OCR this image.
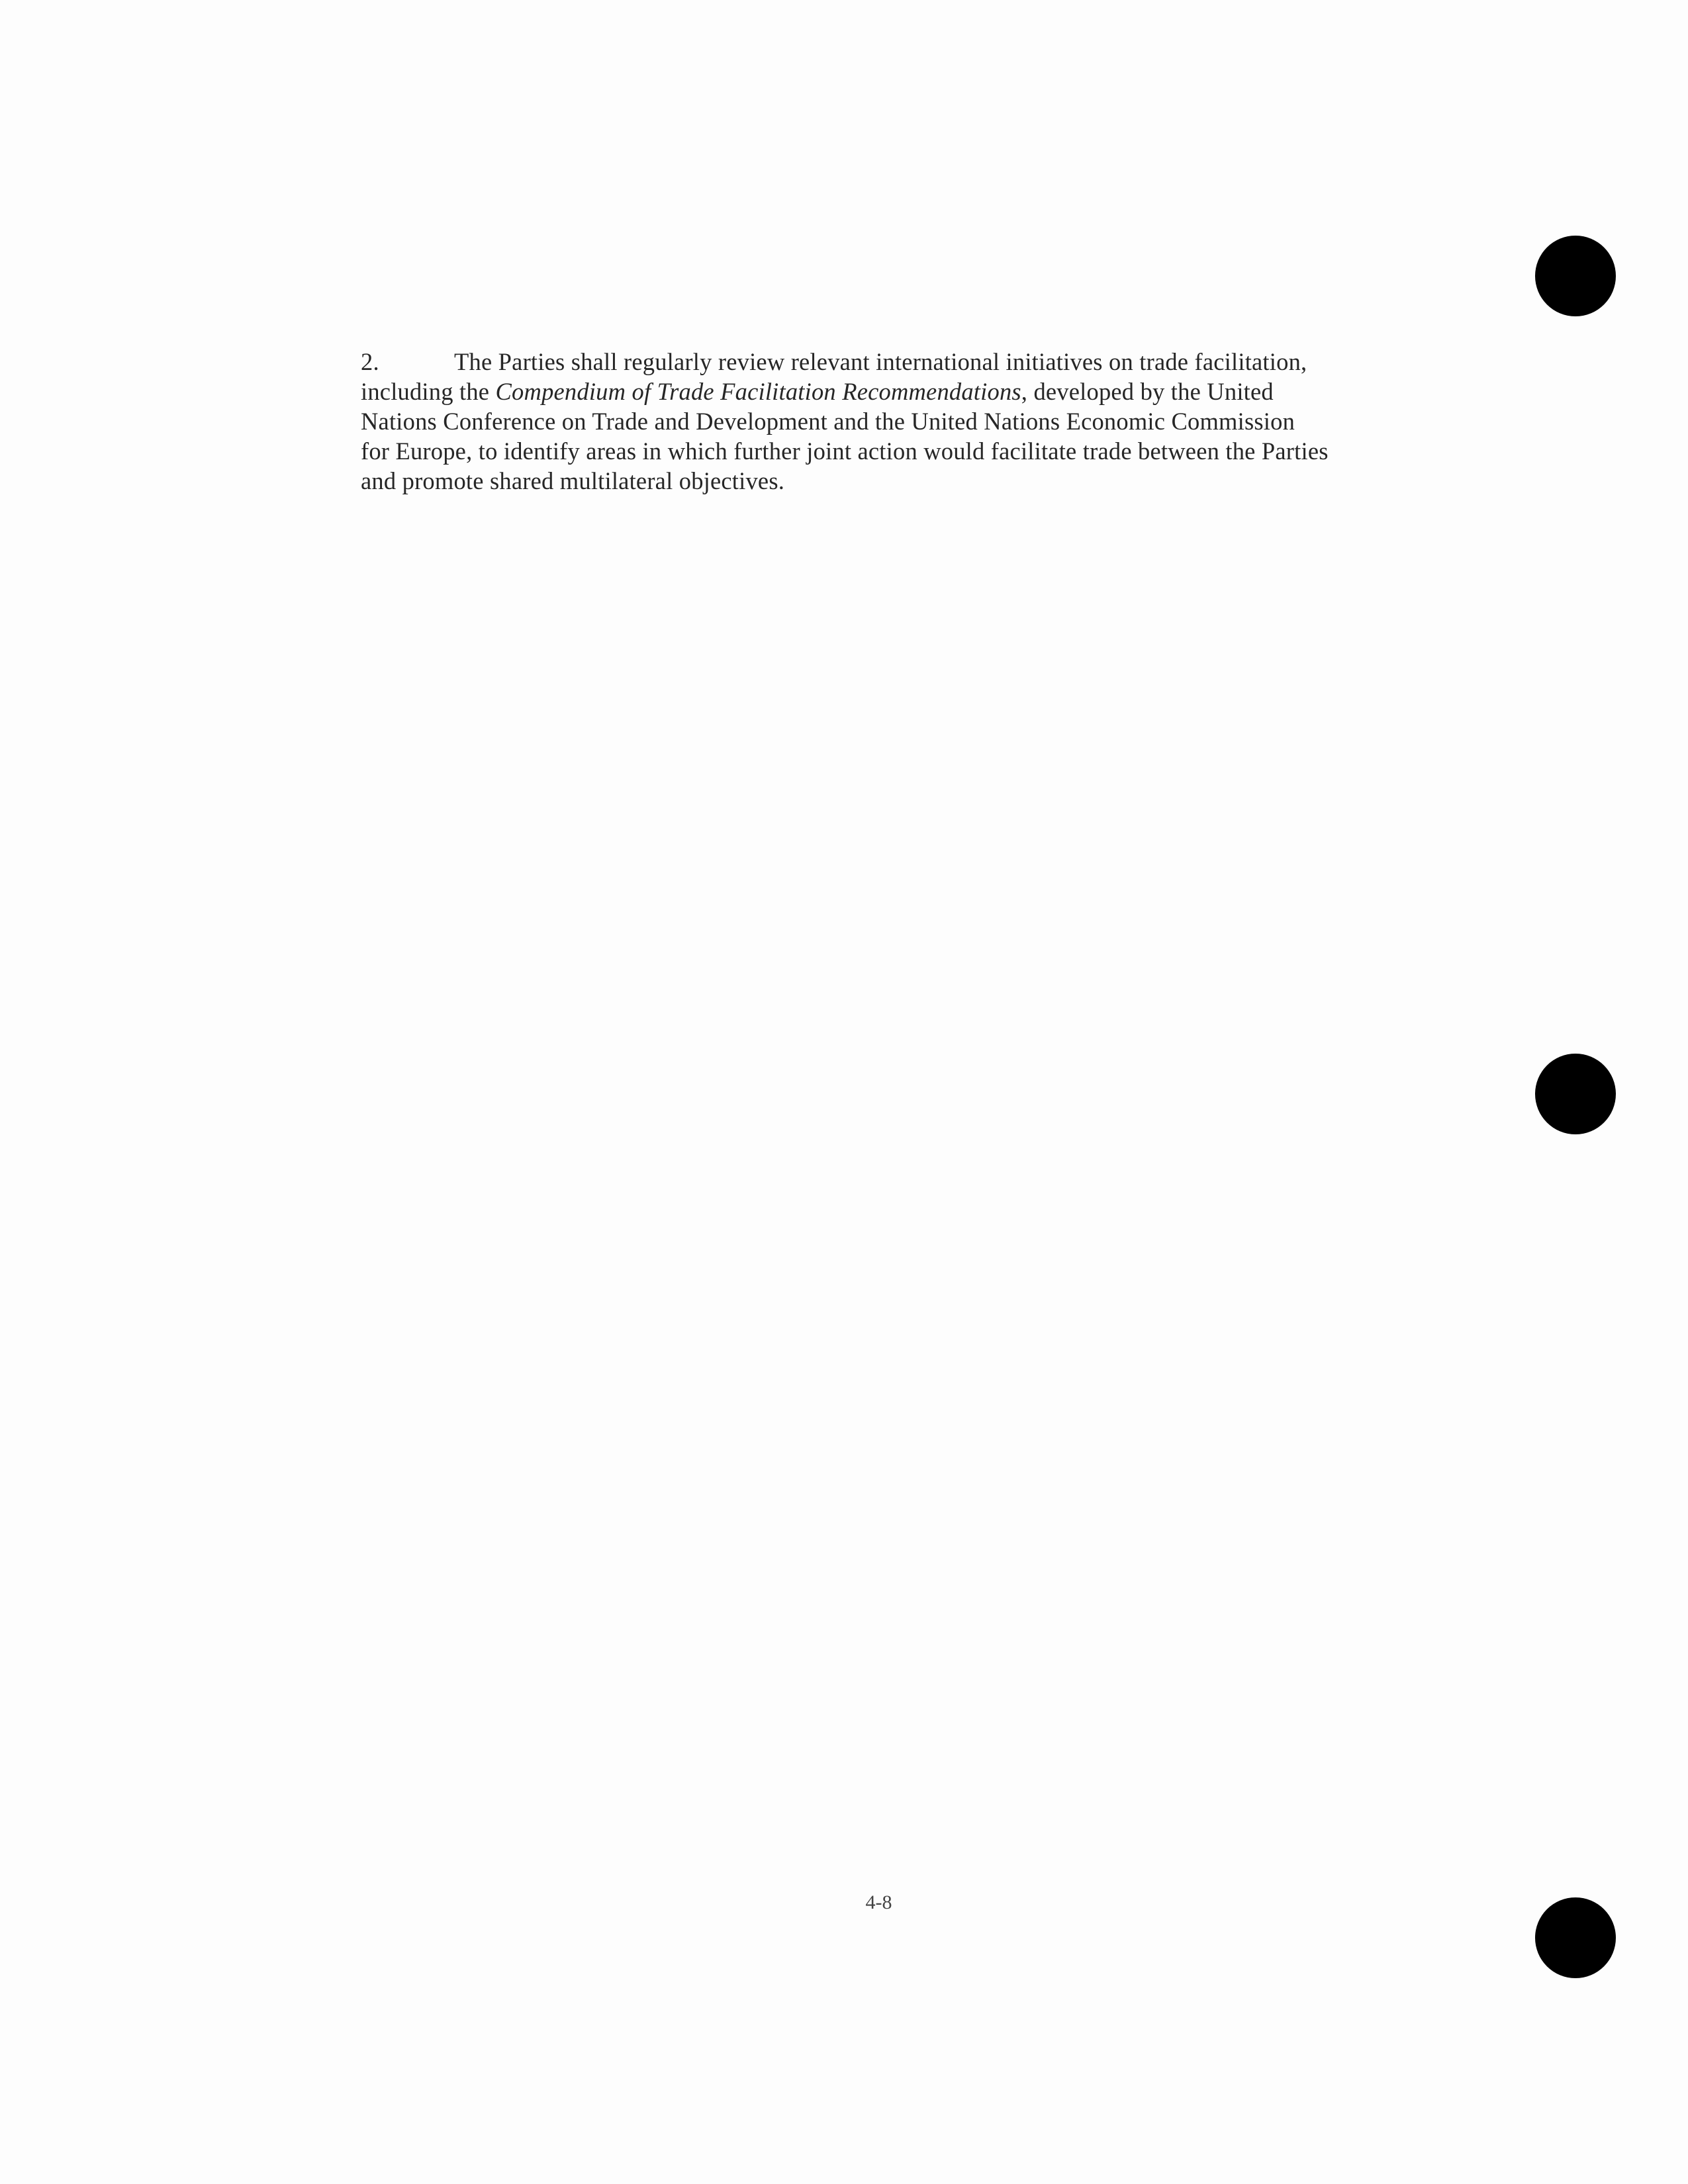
2.	The Parties shall regularly review relevant international initiatives on trade facilitation,
including the Compendium of Trade Facilitation Recommendations, developed by the United
Nations Conference on Trade and Development and the United Nations Economic Commission
for Europe, to identify areas in which further joint action would facilitate trade between the Parties
and promote shared multilateral objectives.
4-8
